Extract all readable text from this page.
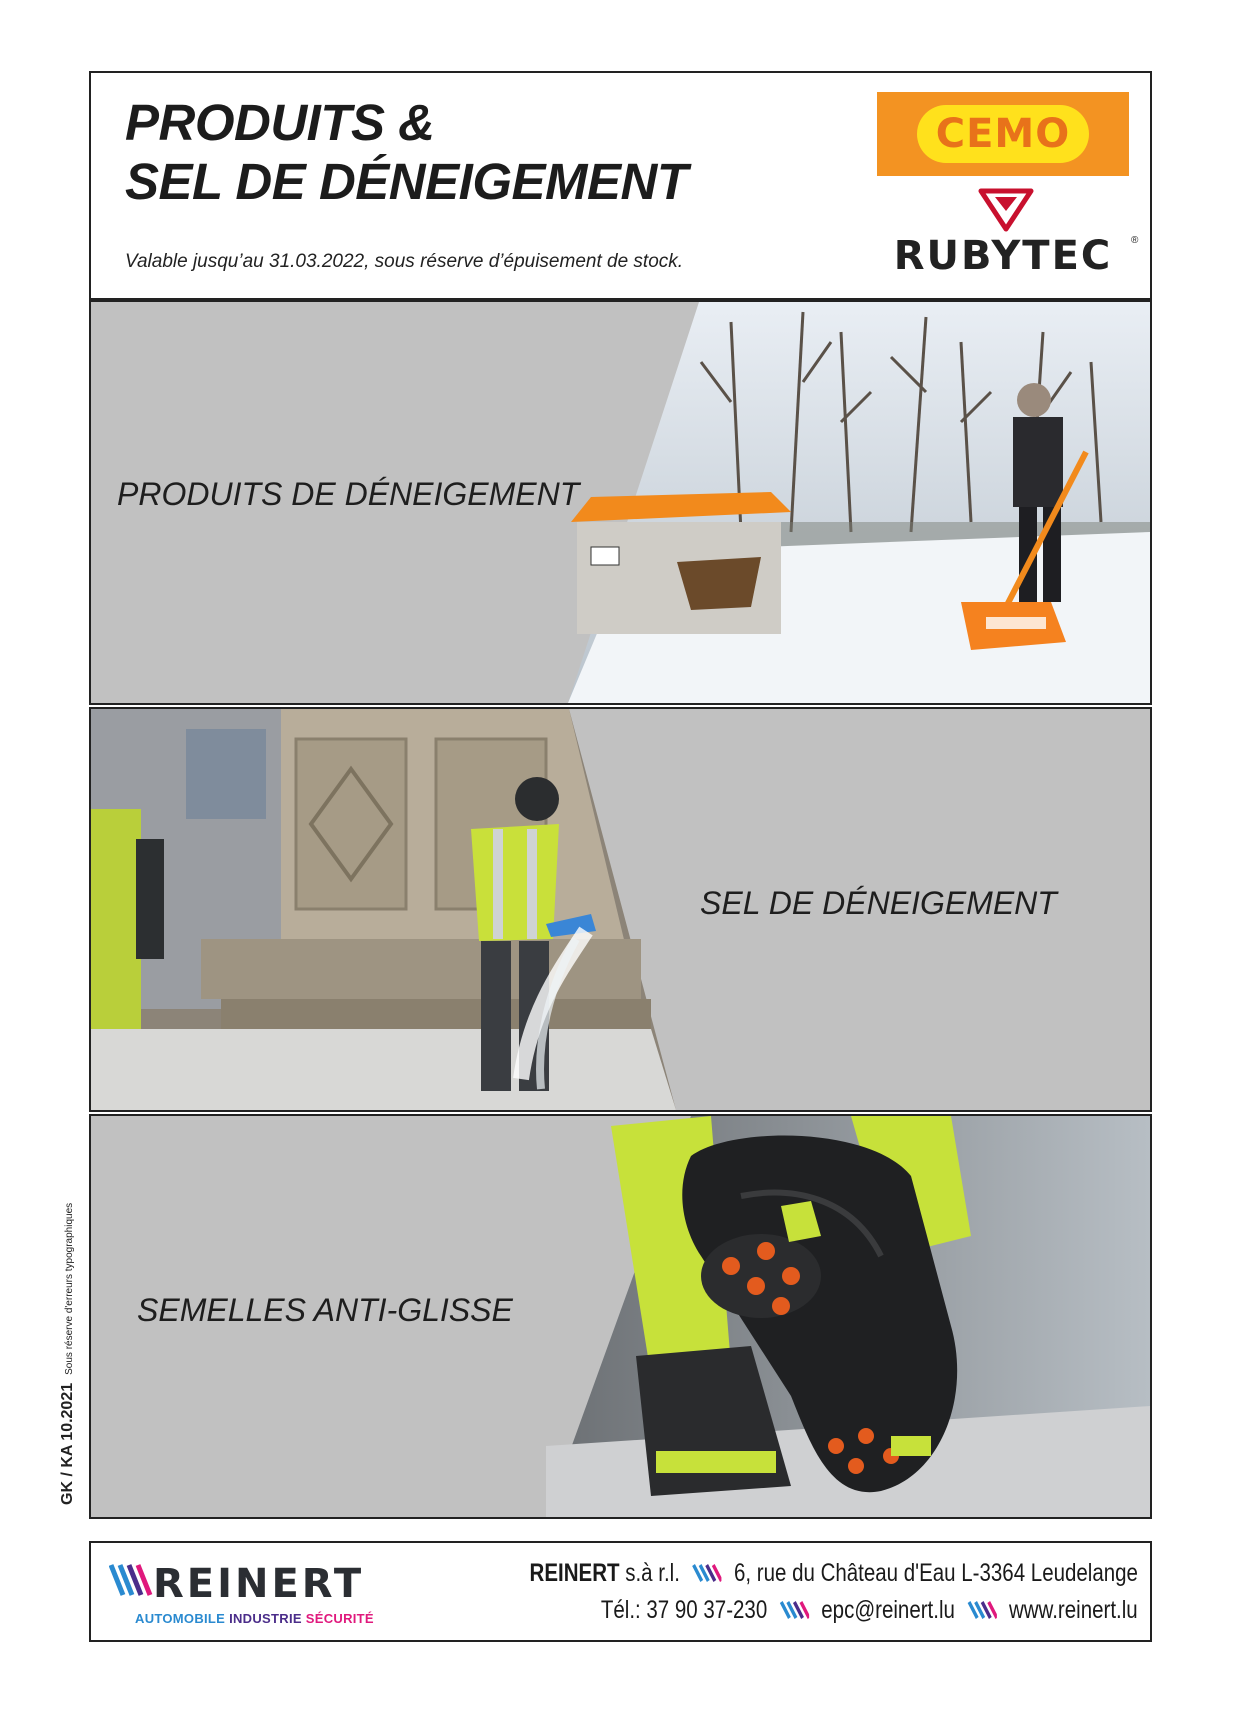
PRODUITS &
SEL DE DÉNEIGEMENT
Valable jusqu’au 31.03.2022, sous réserve d’épuisement de stock.
CEMO
RUBYTEC	®
PRODUITS DE DÉNEIGEMENT
SEL DE DÉNEIGEMENT
SEMELLES ANTI-GLISSE
GK / KA 10.2021Sous réserve d'erreurs typographiques
REINERT
AUTOMOBILE INDUSTRIE SÉCURITÉ
REINERT s.à r.l. 6, rue du Château d'Eau L-3364 Leudelange
Tél.: 37 90 37-230 epc@reinert.lu www.reinert.lu
